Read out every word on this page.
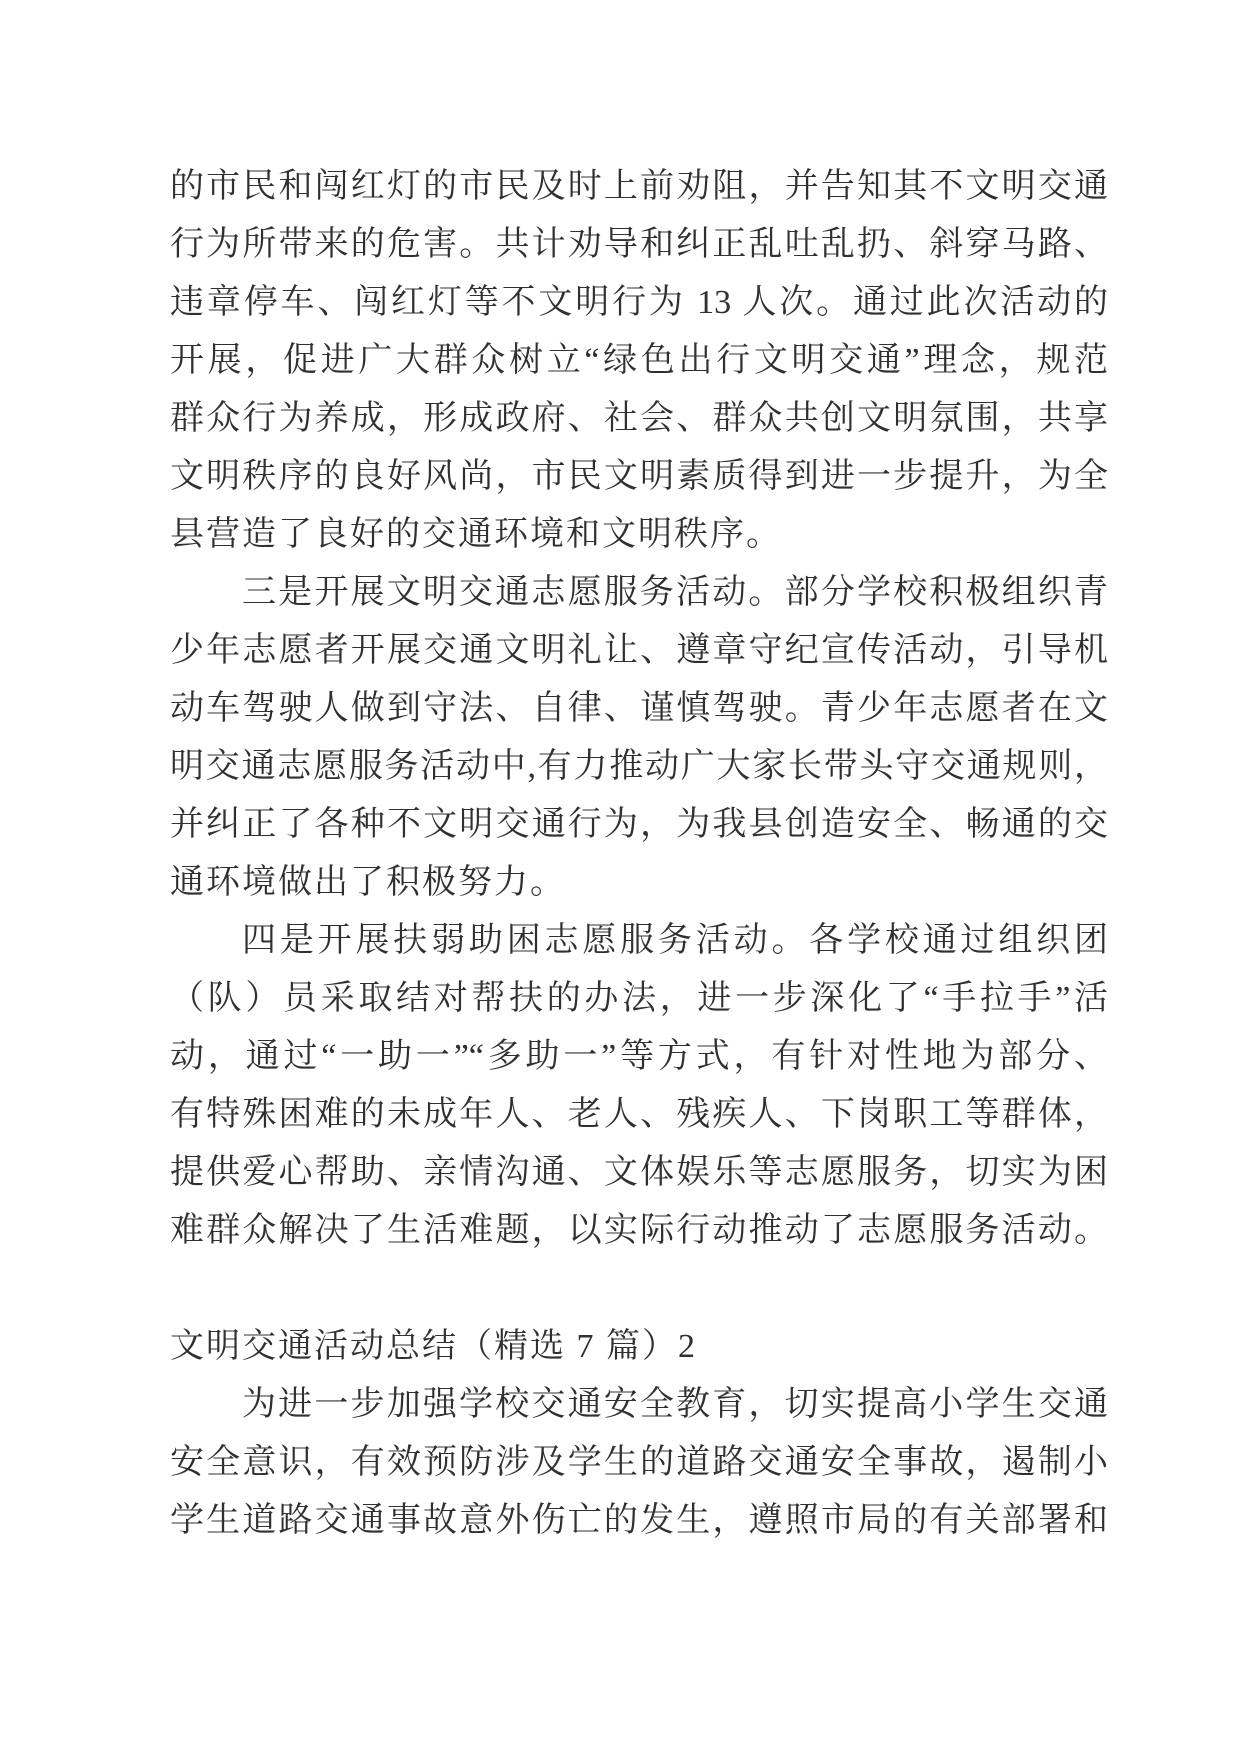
的市民和闯红灯的市民及时上前劝阻，并告知其不文明交通
行为所带来的危害。共计劝导和纠正乱吐乱扔、斜穿马路、
违章停车、闯红灯等不文明行为 13 人次。通过此次活动的
开展，促进广大群众树立“绿色出行文明交通”理念，规范
群众行为养成，形成政府、社会、群众共创文明氛围，共享
文明秩序的良好风尚，市民文明素质得到进一步提升，为全
县营造了良好的交通环境和文明秩序。
三是开展文明交通志愿服务活动。部分学校积极组织青
少年志愿者开展交通文明礼让、遵章守纪宣传活动，引导机
动车驾驶人做到守法、自律、谨慎驾驶。青少年志愿者在文
明交通志愿服务活动中,有力推动广大家长带头守交通规则，
并纠正了各种不文明交通行为，为我县创造安全、畅通的交
通环境做出了积极努力。
四是开展扶弱助困志愿服务活动。各学校通过组织团
（队）员采取结对帮扶的办法，进一步深化了“手拉手”活
动，通过“一助一”“多助一”等方式，有针对性地为部分、
有特殊困难的未成年人、老人、残疾人、下岗职工等群体，
提供爱心帮助、亲情沟通、文体娱乐等志愿服务，切实为困
难群众解决了生活难题，以实际行动推动了志愿服务活动。
文明交通活动总结（精选 7 篇）2
为进一步加强学校交通安全教育，切实提高小学生交通
安全意识，有效预防涉及学生的道路交通安全事故，遏制小
学生道路交通事故意外伤亡的发生，遵照市局的有关部署和
